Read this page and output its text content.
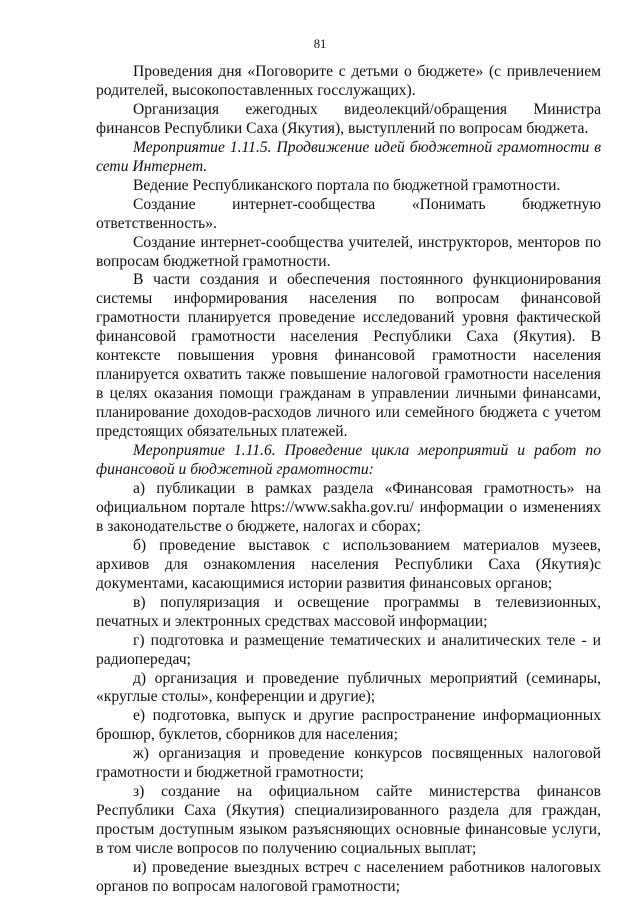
81

Проведения дня «Поговорите с детьми о бюджете» (с привлечением родителей, высокопоставленных госслужащих).

Организация ежегодных видеолекций/обращения Министра финансов Республики Саха (Якутия), выступлений по вопросам бюджета.

Мероприятие 1.11.5. Продвижение идей бюджетной грамотности в сети Интернет.

Ведение Республиканского портала по бюджетной грамотности.

Создание интернет-сообщества «Понимать бюджетную ответственность».

Создание интернет-сообщества учителей, инструкторов, менторов по вопросам бюджетной грамотности.

В части создания и обеспечения постоянного функционирования системы информирования населения по вопросам финансовой грамотности планируется проведение исследований уровня фактической финансовой грамотности населения Республики Саха (Якутия). В контексте повышения уровня финансовой грамотности населения планируется охватить также повышение налоговой грамотности населения в целях оказания помощи гражданам в управлении личными финансами, планирование доходов-расходов личного или семейного бюджета с учетом предстоящих обязательных платежей.

Мероприятие 1.11.6. Проведение цикла мероприятий и работ по финансовой и бюджетной грамотности:

а) публикации в рамках раздела «Финансовая грамотность» на официальном портале https://www.sakha.gov.ru/ информации о изменениях в законодательстве о бюджете, налогах и сборах;

б) проведение выставок с использованием материалов музеев, архивов для ознакомления населения Республики Саха (Якутия)с документами, касающимися истории развития финансовых органов;

в) популяризация и освещение программы в телевизионных, печатных и электронных средствах массовой информации;

г) подготовка и размещение тематических и аналитических теле - и радиопередач;

д) организация и проведение публичных мероприятий (семинары, «круглые столы», конференции и другие);

е) подготовка, выпуск и другие распространение информационных брошюр, буклетов, сборников для населения;

ж) организация и проведение конкурсов посвященных налоговой грамотности и бюджетной грамотности;

з) создание на официальном сайте министерства финансов Республики Саха (Якутия) специализированного раздела для граждан, простым доступным языком разъясняющих основные финансовые услуги, в том числе вопросов по получению социальных выплат;

и) проведение выездных встреч с населением работников налоговых органов по вопросам налоговой грамотности;
